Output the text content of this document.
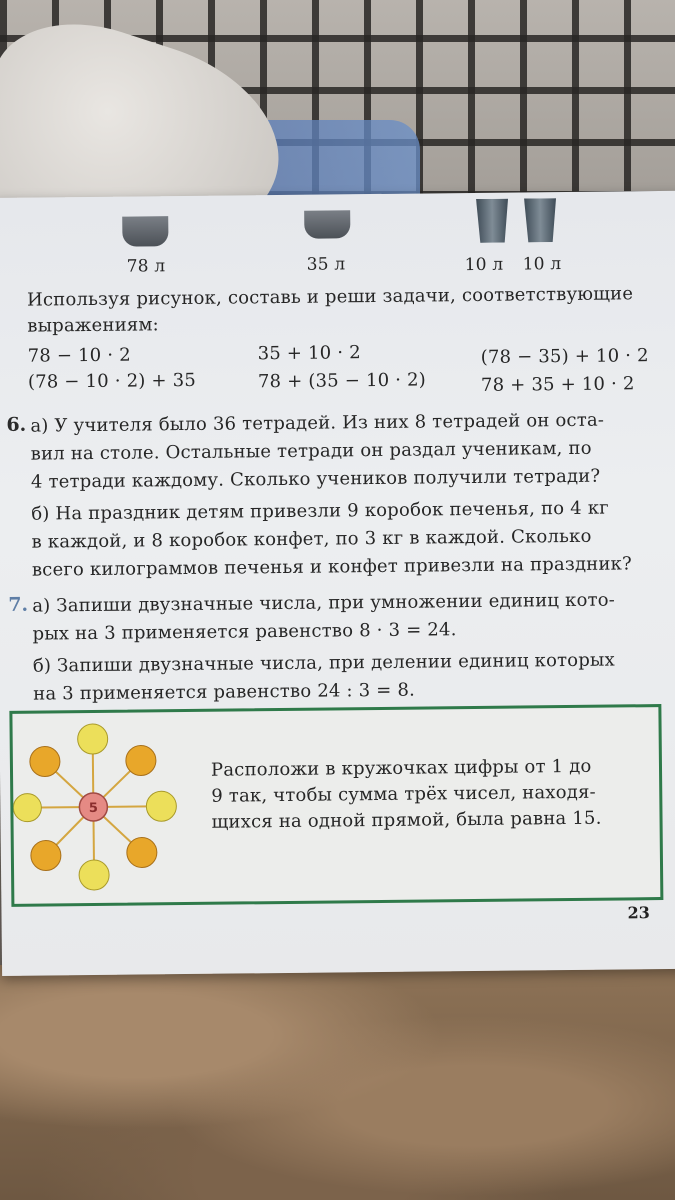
78 л	35 л	10 л 10 л
Используя рисунок, составь и реши задачи, соответствующие
выражениям:
78 − 10 · 2	35 + 10 · 2	(78 − 35) + 10 · 2
(78 − 10 · 2) + 35	78 + (35 − 10 · 2)	78 + 35 + 10 · 2
6. а) У учителя было 36 тетрадей. Из них 8 тетрадей он оста-
вил на столе. Остальные тетради он раздал ученикам, по
4 тетради каждому. Сколько учеников получили тетради?
б) На праздник детям привезли 9 коробок печенья, по 4 кг
в каждой, и 8 коробок конфет, по 3 кг в каждой. Сколько
всего килограммов печенья и конфет привезли на праздник?
7. а) Запиши двузначные числа, при умножении единиц кото-
рых на 3 применяется равенство 8 · 3 = 24.
б) Запиши двузначные числа, при делении единиц которых
на 3 применяется равенство 24 : 3 = 8.
5
Расположи в кружочках цифры от 1 до
9 так, чтобы сумма трёх чисел, находя-
щихся на одной прямой, была равна 15.
23
